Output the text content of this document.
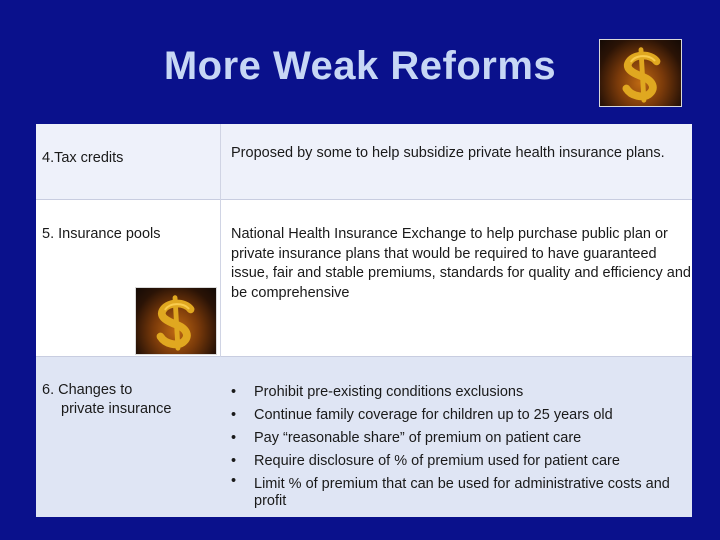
More Weak Reforms
4.Tax credits	Proposed by some to help subsidize private health insurance plans.
5. Insurance pools	National Health Insurance Exchange to help purchase public plan or private insurance plans that would be required to have guaranteed issue, fair and stable premiums, standards for quality and efficiency and be comprehensive
6. Changes to
private insurance
• Prohibit pre-existing conditions exclusions
• Continue family coverage for children up to 25 years old
• Pay “reasonable share” of premium on patient care
• Require disclosure of % of premium used for patient care
• Limit % of premium that can be used for administrative costs and profit
